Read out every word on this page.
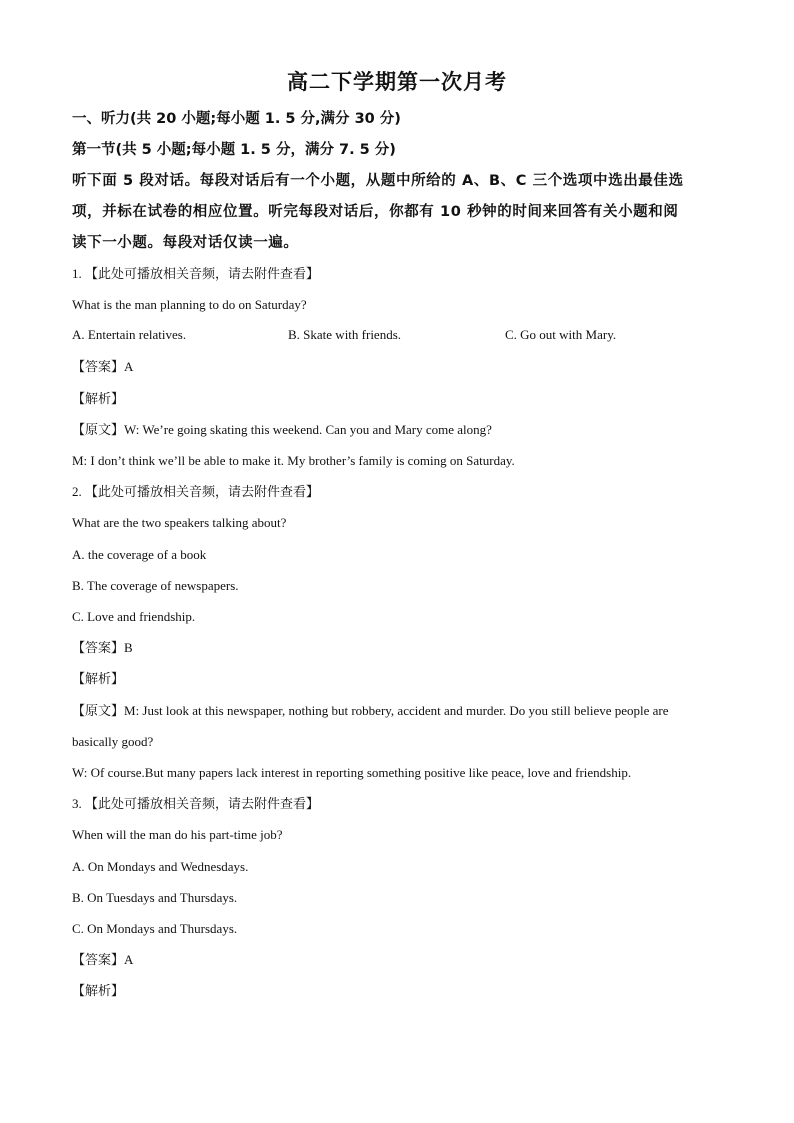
高二下学期第一次月考
一、听力(共 20 小题;每小题 1. 5 分,满分 30 分)
第一节(共 5 小题;每小题 1. 5 分，满分 7. 5 分)
听下面 5 段对话。每段对话后有一个小题，从题中所给的 A、B、C 三个选项中选出最佳选
项，并标在试卷的相应位置。听完每段对话后，你都有 10 秒钟的时间来回答有关小题和阅
读下一小题。每段对话仅读一遍。
1. 【此处可播放相关音频，请去附件查看】
What is the man planning to do on Saturday?
A. Entertain relatives.	B. Skate with friends.	C. Go out with Mary.
【答案】A
【解析】
【原文】W: We’re going skating this weekend. Can you and Mary come along?
M: I don’t think we’ll be able to make it. My brother’s family is coming on Saturday.
2. 【此处可播放相关音频，请去附件查看】
What are the two speakers talking about?
A. the coverage of a book
B. The coverage of newspapers.
C. Love and friendship.
【答案】B
【解析】
【原文】M: Just look at this newspaper, nothing but robbery, accident and murder. Do you still believe people are
basically good?
W: Of course.But many papers lack interest in reporting something positive like peace, love and friendship.
3. 【此处可播放相关音频，请去附件查看】
When will the man do his part-time job?
A. On Mondays and Wednesdays.
B. On Tuesdays and Thursdays.
C. On Mondays and Thursdays.
【答案】A
【解析】
